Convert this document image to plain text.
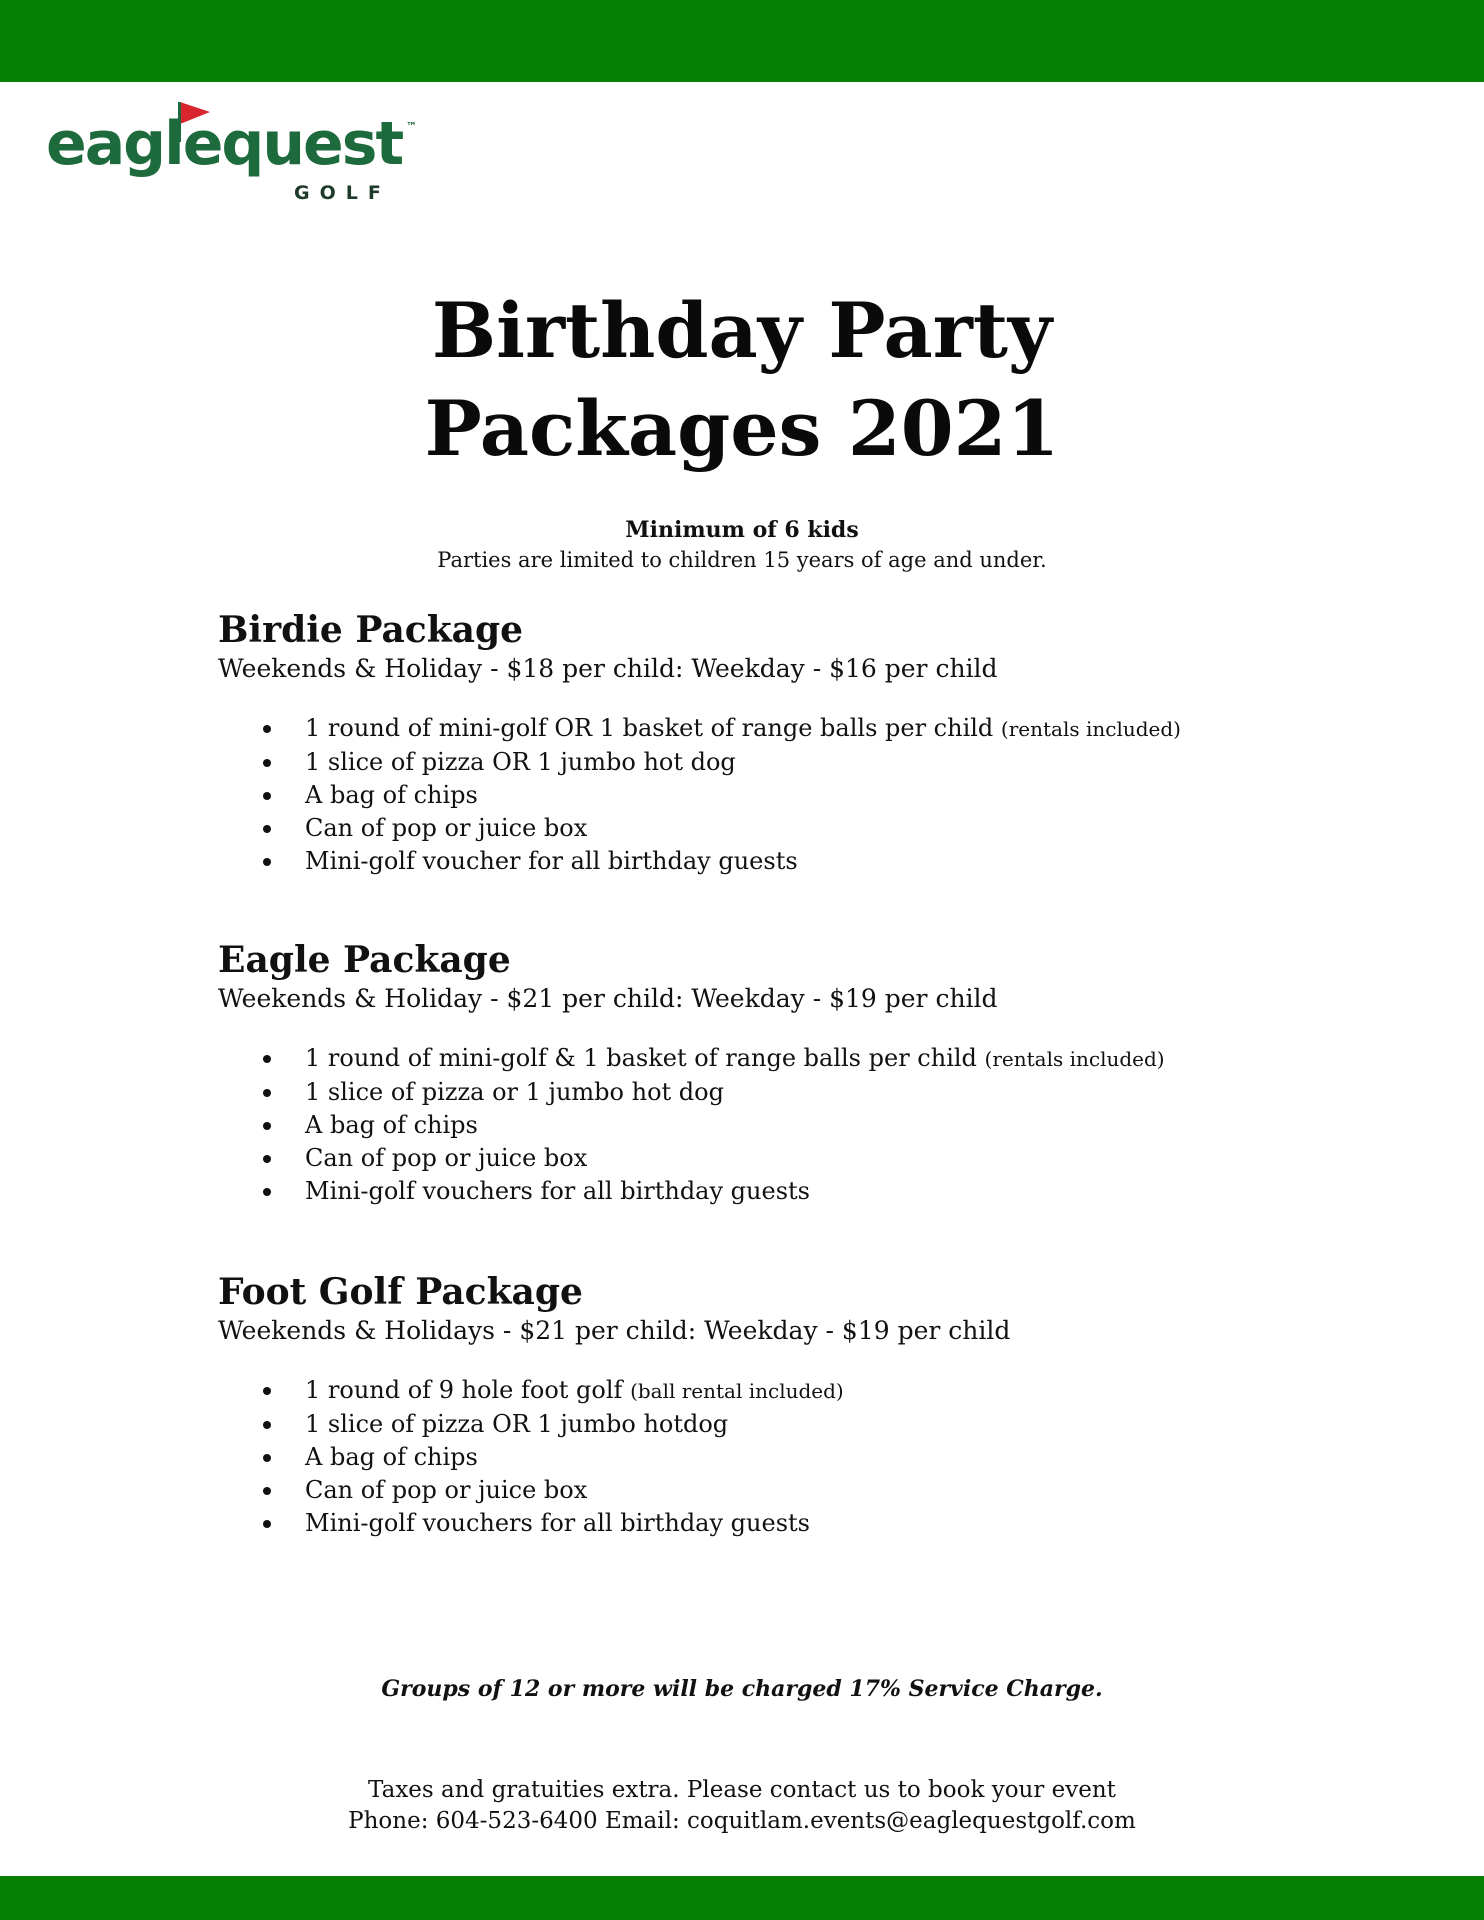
eaglequest ™
GOLF
Birthday Party
Packages 2021
Minimum of 6 kids
Parties are limited to children 15 years of age and under.
Birdie Package

Weekends & Holiday - $18 per child: Weekday - $16 per child

1 round of mini-golf OR 1 basket of range balls per child (rentals included)
1 slice of pizza OR 1 jumbo hot dog
A bag of chips
Can of pop or juice box
Mini-golf voucher for all birthday guests
Eagle Package

Weekends & Holiday - $21 per child: Weekday - $19 per child

1 round of mini-golf & 1 basket of range balls per child (rentals included)
1 slice of pizza or 1 jumbo hot dog
A bag of chips
Can of pop or juice box
Mini-golf vouchers for all birthday guests
Foot Golf Package

Weekends & Holidays - $21 per child: Weekday - $19 per child

1 round of 9 hole foot golf (ball rental included)
1 slice of pizza OR 1 jumbo hotdog
A bag of chips
Can of pop or juice box
Mini-golf vouchers for all birthday guests
Groups of 12 or more will be charged 17% Service Charge.
Taxes and gratuities extra. Please contact us to book your event
Phone: 604-523-6400 Email: coquitlam.events@eaglequestgolf.com
